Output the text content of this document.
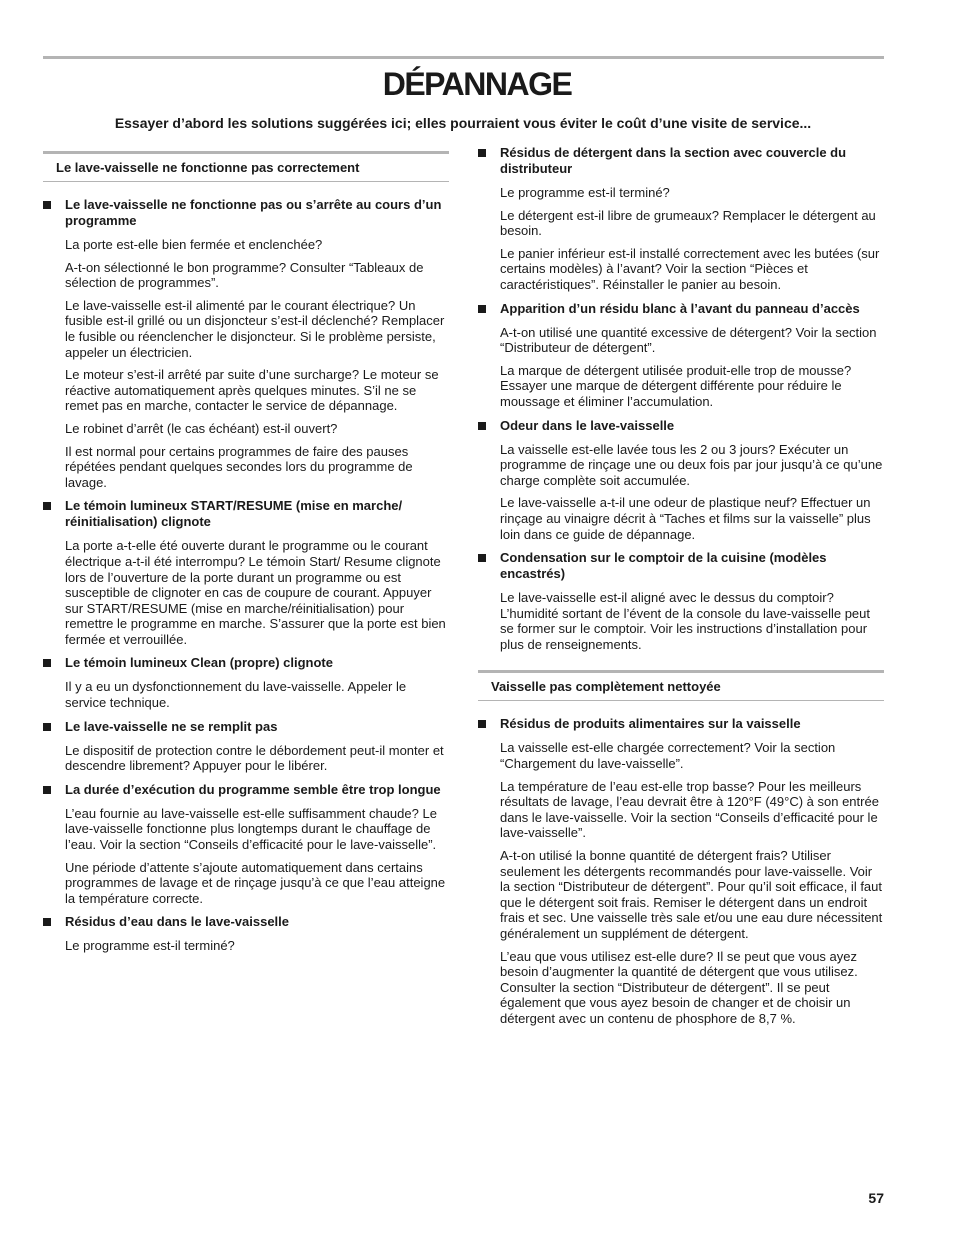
DÉPANNAGE

Essayer d’abord les solutions suggérées ici; elles pourraient vous éviter le coût d’une visite de service...

Le lave-vaisselle ne fonctionne pas correctement
Le lave-vaisselle ne fonctionne pas ou s’arrête au cours d’un programme

La porte est-elle bien fermée et enclenchée?

A-t-on sélectionné le bon programme? Consulter “Tableaux de sélection de programmes”.

Le lave-vaisselle est-il alimenté par le courant électrique? Un fusible est-il grillé ou un disjoncteur s’est-il déclenché? Remplacer le fusible ou réenclencher le disjoncteur. Si le problème persiste, appeler un électricien.

Le moteur s’est-il arrêté par suite d’une surcharge? Le moteur se réactive automatiquement après quelques minutes. S’il ne se remet pas en marche, contacter le service de dépannage.

Le robinet d’arrêt (le cas échéant) est-il ouvert?

Il est normal pour certains programmes de faire des pauses répétées pendant quelques secondes lors du programme de lavage.

Le témoin lumineux START/RESUME (mise en marche/ réinitialisation) clignote

La porte a-t-elle été ouverte durant le programme ou le courant électrique a-t-il été interrompu? Le témoin Start/ Resume clignote lors de l’ouverture de la porte durant un programme ou est susceptible de clignoter en cas de coupure de courant. Appuyer sur START/RESUME (mise en marche/réinitialisation) pour remettre le programme en marche. S’assurer que la porte est bien fermée et verrouillée.

Le témoin lumineux Clean (propre) clignote

Il y a eu un dysfonctionnement du lave-vaisselle. Appeler le service technique.

Le lave-vaisselle ne se remplit pas

Le dispositif de protection contre le débordement peut-il monter et descendre librement? Appuyer pour le libérer.

La durée d’exécution du programme semble être trop longue

L’eau fournie au lave-vaisselle est-elle suffisamment chaude? Le lave-vaisselle fonctionne plus longtemps durant le chauffage de l’eau. Voir la section “Conseils d’efficacité pour le lave-vaisselle”.

Une période d’attente s’ajoute automatiquement dans certains programmes de lavage et de rinçage jusqu’à ce que l’eau atteigne la température correcte.

Résidus d’eau dans le lave-vaisselle

Le programme est-il terminé?

Résidus de détergent dans la section avec couvercle du distributeur

Le programme est-il terminé?

Le détergent est-il libre de grumeaux? Remplacer le détergent au besoin.

Le panier inférieur est-il installé correctement avec les butées (sur certains modèles) à l’avant? Voir la section “Pièces et caractéristiques”. Réinstaller le panier au besoin.

Apparition d’un résidu blanc à l’avant du panneau d’accès

A-t-on utilisé une quantité excessive de détergent? Voir la section “Distributeur de détergent”.

La marque de détergent utilisée produit-elle trop de mousse? Essayer une marque de détergent différente pour réduire le moussage et éliminer l’accumulation.

Odeur dans le lave-vaisselle

La vaisselle est-elle lavée tous les 2 ou 3 jours? Exécuter un programme de rinçage une ou deux fois par jour jusqu’à ce qu’une charge complète soit accumulée.

Le lave-vaisselle a-t-il une odeur de plastique neuf? Effectuer un rinçage au vinaigre décrit à “Taches et films sur la vaisselle” plus loin dans ce guide de dépannage.

Condensation sur le comptoir de la cuisine (modèles encastrés)

Le lave-vaisselle est-il aligné avec le dessus du comptoir? L’humidité sortant de l’évent de la console du lave-vaisselle peut se former sur le comptoir. Voir les instructions d’installation pour plus de renseignements.

Vaisselle pas complètement nettoyée
Résidus de produits alimentaires sur la vaisselle

La vaisselle est-elle chargée correctement? Voir la section “Chargement du lave-vaisselle”.

La température de l’eau est-elle trop basse? Pour les meilleurs résultats de lavage, l’eau devrait être à 120°F (49°C) à son entrée dans le lave-vaisselle. Voir la section “Conseils d’efficacité pour le lave-vaisselle”.

A-t-on utilisé la bonne quantité de détergent frais? Utiliser seulement les détergents recommandés pour lave-vaisselle. Voir la section “Distributeur de détergent”. Pour qu’il soit efficace, il faut que le détergent soit frais. Remiser le détergent dans un endroit frais et sec. Une vaisselle très sale et/ou une eau dure nécessitent généralement un supplément de détergent.

L’eau que vous utilisez est-elle dure? Il se peut que vous ayez besoin d’augmenter la quantité de détergent que vous utilisez. Consulter la section “Distributeur de détergent”. Il se peut également que vous ayez besoin de changer et de choisir un détergent avec un contenu de phosphore de 8,7 %.

57
